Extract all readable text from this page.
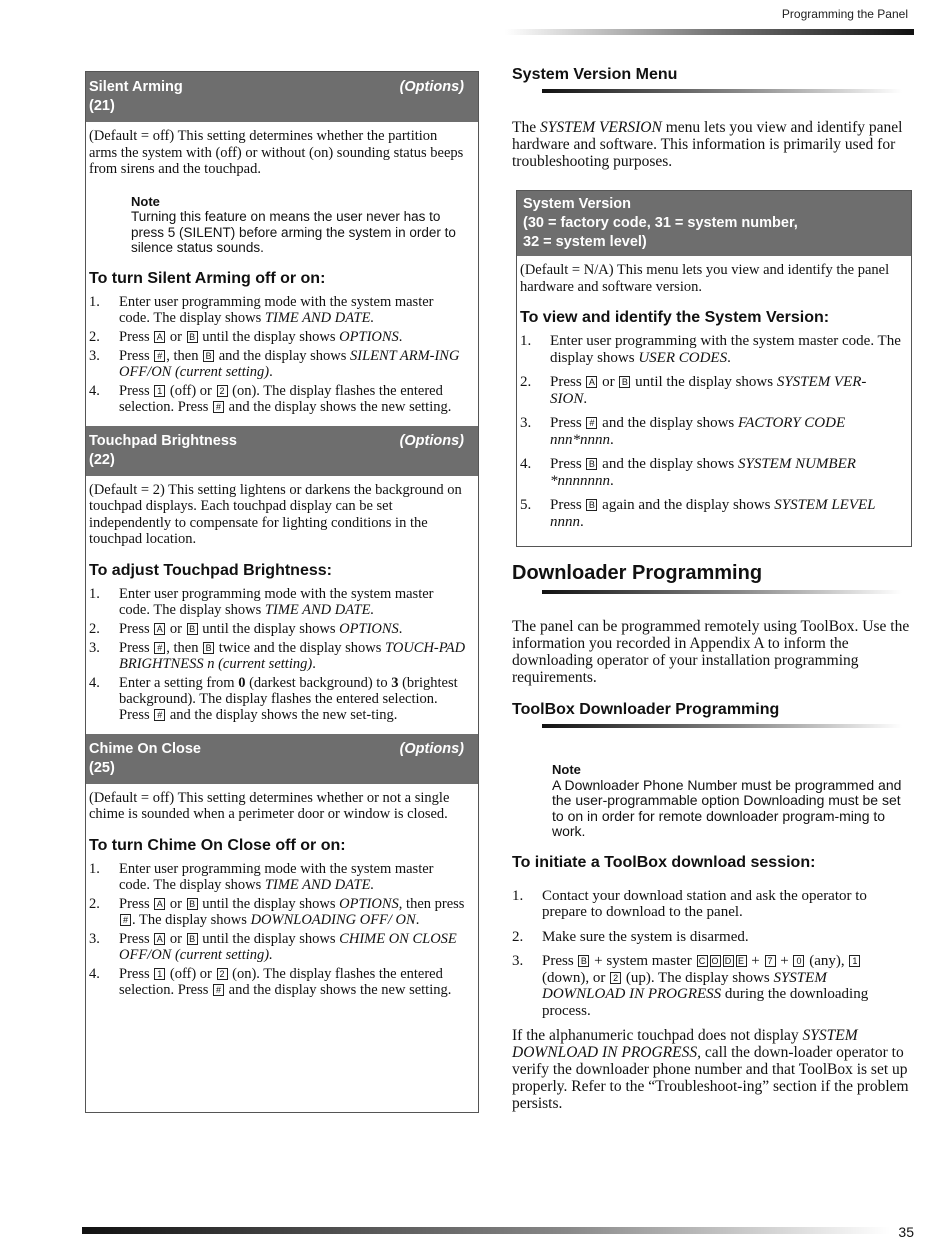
Programming the Panel
Silent Arming	(Options)
(21)

(Default = off) This setting determines whether the partition arms the system with (off) or without (on) sounding status beeps from sirens and the touchpad.

Note
Turning this feature on means the user never has to press 5 (SILENT) before arming the system in order to silence status sounds.
To turn Silent Arming off or on:
1.	Enter user programming mode with the system master code. The display shows TIME AND DATE.
2.	Press A or B until the display shows OPTIONS.
3.	Press # , then B and the display shows SILENT ARM-ING OFF/ON (current setting).
4.	Press 1 (off) or 2 (on). The display flashes the entered selection. Press # and the display shows the new setting.
Touchpad Brightness	(Options)
(22)

(Default = 2) This setting lightens or darkens the background on touchpad displays. Each touchpad display can be set independently to compensate for lighting conditions in the touchpad location.

To adjust Touchpad Brightness:
1.	Enter user programming mode with the system master code. The display shows TIME AND DATE.
2.	Press A or B until the display shows OPTIONS.
3.	Press # , then B twice and the display shows TOUCH-PAD BRIGHTNESS n (current setting).
4.	Enter a setting from 0 (darkest background) to 3 (brightest background). The display flashes the entered selection. Press # and the display shows the new set-ting.
Chime On Close	(Options)
(25)

(Default = off) This setting determines whether or not a single chime is sounded when a perimeter door or window is closed.

To turn Chime On Close off or on:
1.	Enter user programming mode with the system master code. The display shows TIME AND DATE.
2.	Press A or B until the display shows OPTIONS, then press # . The display shows DOWNLOADING OFF/ ON.
3.	Press A or B until the display shows CHIME ON CLOSE OFF/ON (current setting).
4.	Press 1 (off) or 2 (on). The display flashes the entered selection. Press # and the display shows the new setting.
System Version Menu

The SYSTEM VERSION menu lets you view and identify panel hardware and software. This information is primarily used for troubleshooting purposes.

System Version
(30 = factory code, 31 = system number,
32 = system level)

(Default = N/A) This menu lets you view and identify the panel hardware and software version.

To view and identify the System Version:
1.	Enter user programming with the system master code. The display shows USER CODES.
2.	Press A or B until the display shows SYSTEM VER-SION.
3.	Press # and the display shows FACTORY CODE nnn*nnnn.
4.	Press B and the display shows SYSTEM NUMBER *nnnnnnn.
5.	Press B again and the display shows SYSTEM LEVEL nnnn.
Downloader Programming

The panel can be programmed remotely using ToolBox. Use the information you recorded in Appendix A to inform the downloading operator of your installation programming requirements.

ToolBox Downloader Programming
Note
A Downloader Phone Number must be programmed and the user-programmable option Downloading must be set to on in order for remote downloader program-ming to work.
To initiate a ToolBox download session:
1.	Contact your download station and ask the operator to prepare to download to the panel.
2.	Make sure the system is disarmed.
3.	Press B + system master C O D E + 7 + 0 (any), 1 (down), or 2 (up). The display shows SYSTEM DOWNLOAD IN PROGRESS during the downloading process.

If the alphanumeric touchpad does not display SYSTEM DOWNLOAD IN PROGRESS, call the down-loader operator to verify the downloader phone number and that ToolBox is set up properly. Refer to the “Troubleshoot-ing” section if the problem persists.

35
